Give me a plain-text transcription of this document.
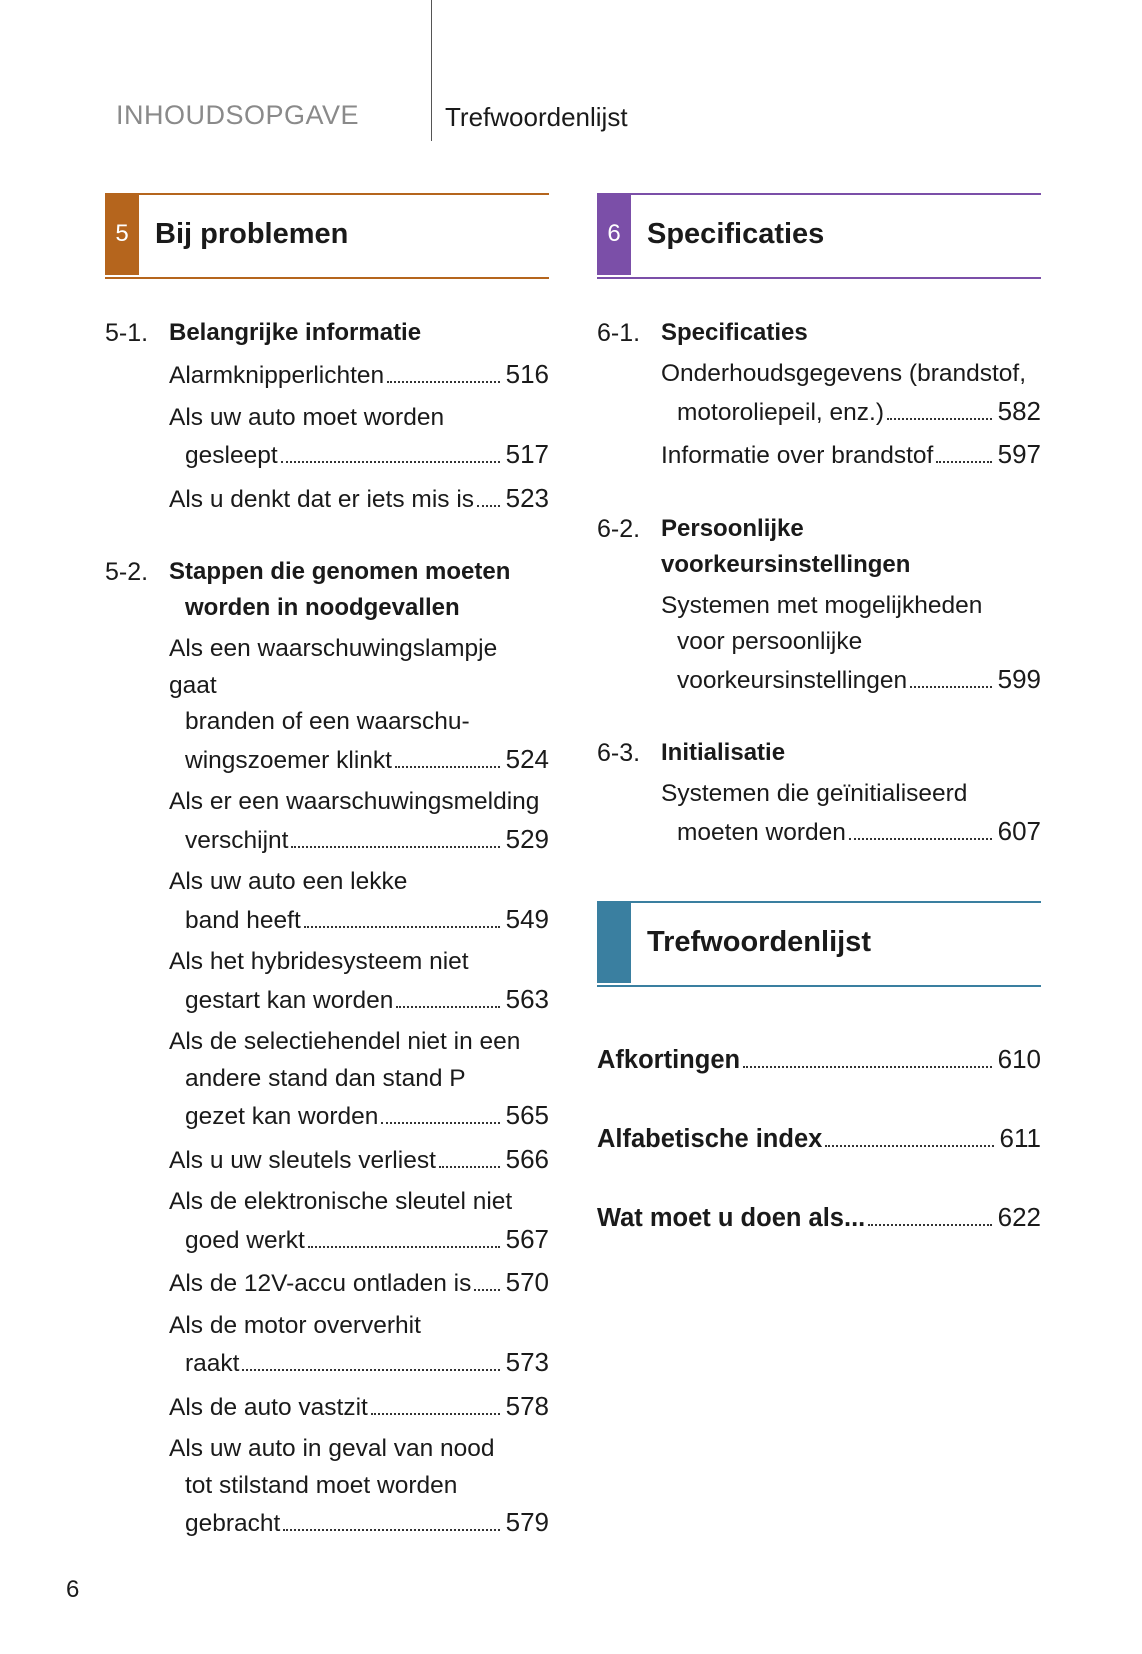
INHOUDSOPGAVE	Trefwoordenlijst
5 Bij problemen
5-1. Belangrijke informatie
Alarmknipperlichten	516
Als uw auto moet worden
gesleept	517
Als u denkt dat er iets mis is 523
5-2. Stappen die genomen moeten
worden in noodgevallen
Als een waarschuwingslampje gaat
branden of een waarschu-
wingszoemer klinkt	524
Als er een waarschuwingsmelding
verschijnt	529
Als uw auto een lekke
band heeft	549
Als het hybridesysteem niet
gestart kan worden	563
Als de selectiehendel niet in een
andere stand dan stand P
gezet kan worden	565
Als u uw sleutels verliest	566
Als de elektronische sleutel niet
goed werkt	567
Als de 12V-accu ontladen is 570
Als de motor oververhit
raakt	573
Als de auto vastzit	578
Als uw auto in geval van nood
tot stilstand moet worden
gebracht	579
6 Specificaties
6-1. Specificaties
Onderhoudsgegevens (brandstof,
motoroliepeil, enz.)	582
Informatie over brandstof 597
6-2. Persoonlijke voorkeursinstellingen
Systemen met mogelijkheden
voor persoonlijke
voorkeursinstellingen	599
6-3. Initialisatie
Systemen die geïnitialiseerd
moeten worden	607
Trefwoordenlijst
Afkortingen	610
Alfabetische index	611
Wat moet u doen als...	622
6
